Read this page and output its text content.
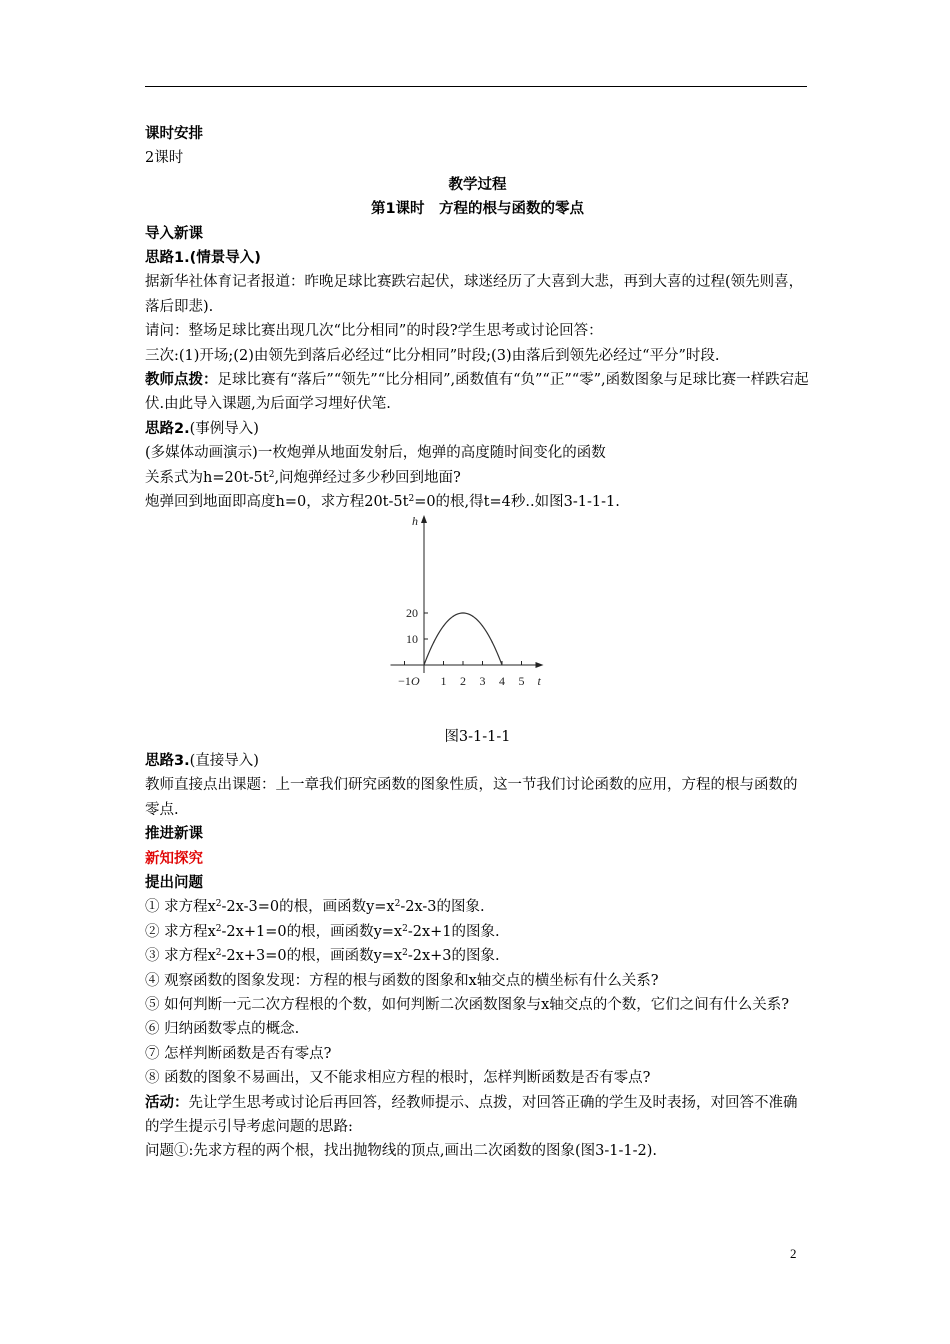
课时安排

2课时

教学过程

第1课时　方程的根与函数的零点

导入新课

思路1.(情景导入)

据新华社体育记者报道：昨晚足球比赛跌宕起伏，球迷经历了大喜到大悲，再到大喜的过程(领先则喜，落后即悲).

请问：整场足球比赛出现几次“比分相同”的时段?学生思考或讨论回答：

三次:(1)开场;(2)由领先到落后必经过“比分相同”时段;(3)由落后到领先必经过“平分”时段.

教师点拨：足球比赛有“落后”“领先”“比分相同”,函数值有“负”“正”“零”,函数图象与足球比赛一样跌宕起伏.由此导入课题,为后面学习埋好伏笔.

思路2.(事例导入)

(多媒体动画演示)一枚炮弹从地面发射后，炮弹的高度随时间变化的函数

关系式为$h=20t-5t^2$,问炮弹经过多少秒回到地面?

炮弹回到地面即高度h=0，求方程$20t-5t^2=0$的根,得t=4秒..如图3-1-1-1.

t
h
O
−1 1 2 3 4 5
10
20

图3-1-1-1

思路3.(直接导入)

教师直接点出课题：上一章我们研究函数的图象性质，这一节我们讨论函数的应用，方程的根与函数的零点.

推进新课

新知探究

提出问题

① 求方程$x^2-2x-3=0$的根，画函数$y=x^2-2x-3$的图象.

② 求方程$x^2-2x+1=0$的根，画函数$y=x^2-2x+1$的图象.

③ 求方程$x^2-2x+3=0$的根，画函数$y=x^2-2x+3$的图象.

④ 观察函数的图象发现：方程的根与函数的图象和x轴交点的横坐标有什么关系?

⑤ 如何判断一元二次方程根的个数，如何判断二次函数图象与x轴交点的个数，它们之间有什么关系?

⑥ 归纳函数零点的概念.

⑦ 怎样判断函数是否有零点?

⑧ 函数的图象不易画出，又不能求相应方程的根时，怎样判断函数是否有零点?

活动：先让学生思考或讨论后再回答，经教师提示、点拨，对回答正确的学生及时表扬，对回答不准确的学生提示引导考虑问题的思路:

问题①:先求方程的两个根，找出抛物线的顶点,画出二次函数的图象(图3-1-1-2).

2
